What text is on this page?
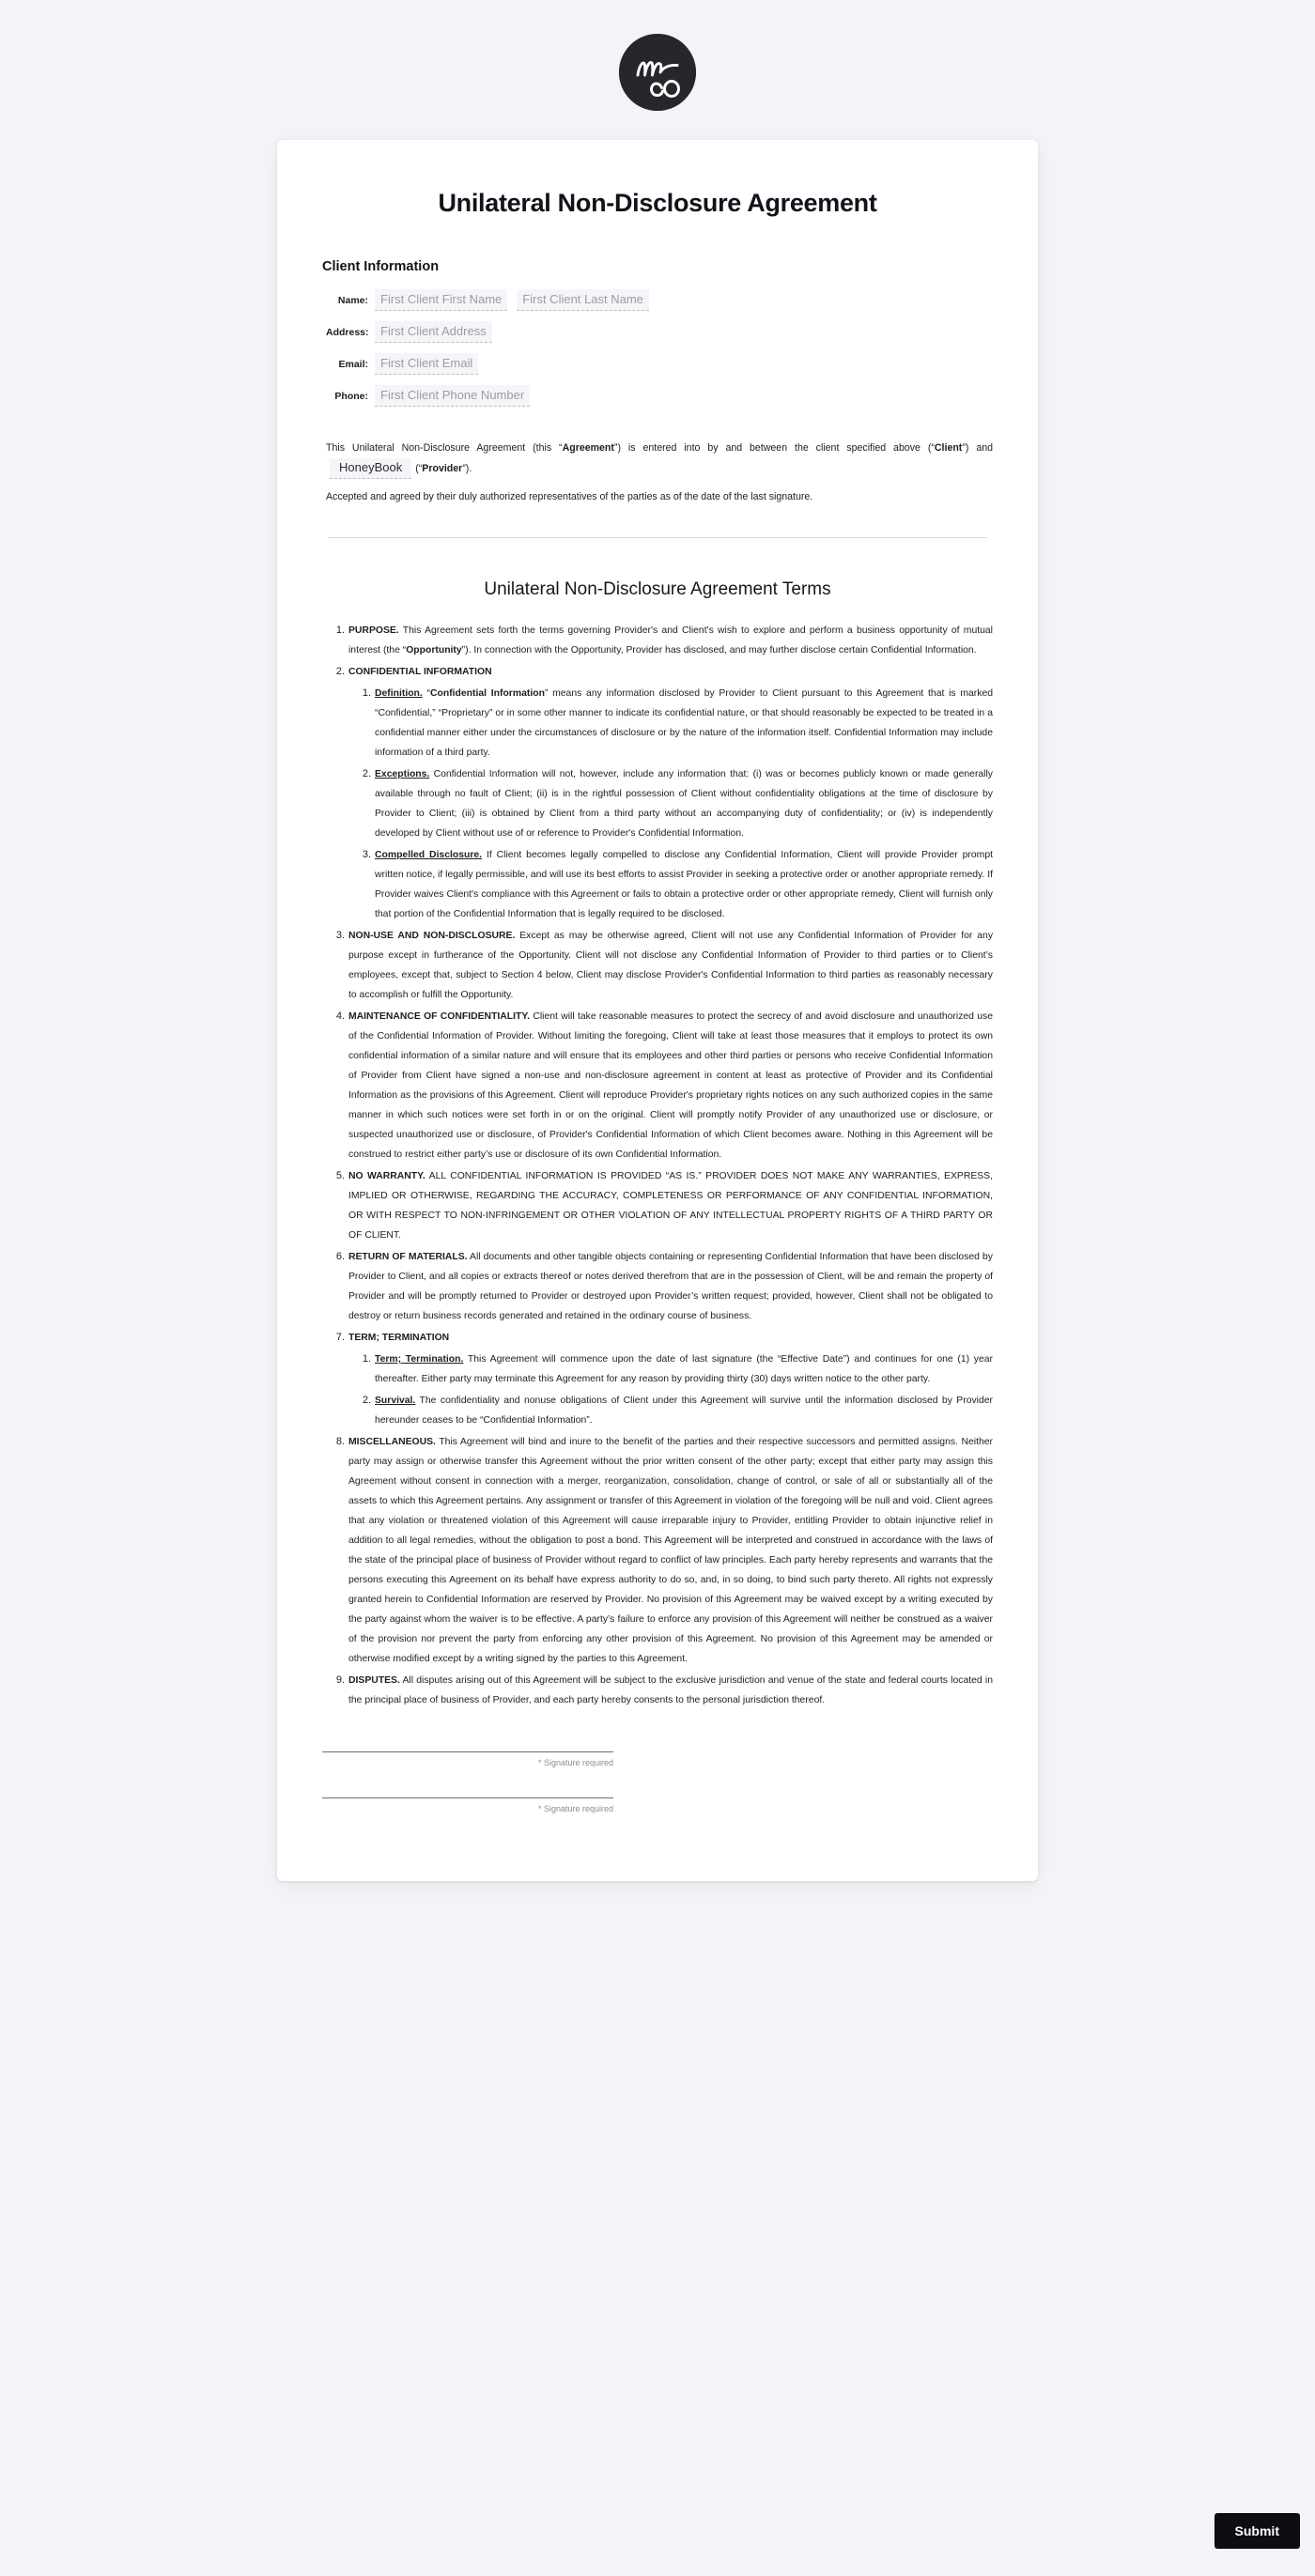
Unilateral Non-Disclosure Agreement
Client Information
Name:	First Client First Name	First Client Last Name
Address: First Client Address
Email:	First Client Email
Phone:	First Client Phone Number

This Unilateral Non-Disclosure Agreement (this “Agreement”) is entered into by and between the client specified above (“Client”) andHoneyBook (“Provider”).

Accepted and agreed by their duly authorized representatives of the parties as of the date of the last signature.

Unilateral Non-Disclosure Agreement Terms
PURPOSE. This Agreement sets forth the terms governing Provider's and Client's wish to explore and perform a business opportunity of mutual interest (the “Opportunity”). In connection with the Opportunity, Provider has disclosed, and may further disclose certain Confidential Information.
CONFIDENTIAL INFORMATION
Definition. “Confidential Information” means any information disclosed by Provider to Client pursuant to this Agreement that is marked “Confidential,” “Proprietary” or in some other manner to indicate its confidential nature, or that should reasonably be expected to be treated in a confidential manner either under the circumstances of disclosure or by the nature of the information itself. Confidential Information may include information of a third party.
Exceptions. Confidential Information will not, however, include any information that: (i) was or becomes publicly known or made generally available through no fault of Client; (ii) is in the rightful possession of Client without confidentiality obligations at the time of disclosure by Provider to Client; (iii) is obtained by Client from a third party without an accompanying duty of confidentiality; or (iv) is independently developed by Client without use of or reference to Provider's Confidential Information.
Compelled Disclosure. If Client becomes legally compelled to disclose any Confidential Information, Client will provide Provider prompt written notice, if legally permissible, and will use its best efforts to assist Provider in seeking a protective order or another appropriate remedy. If Provider waives Client's compliance with this Agreement or fails to obtain a protective order or other appropriate remedy, Client will furnish only that portion of the Confidential Information that is legally required to be disclosed.
NON-USE AND NON-DISCLOSURE. Except as may be otherwise agreed, Client will not use any Confidential Information of Provider for any purpose except in furtherance of the Opportunity. Client will not disclose any Confidential Information of Provider to third parties or to Client’s employees, except that, subject to Section 4 below, Client may disclose Provider's Confidential Information to third parties as reasonably necessary to accomplish or fulfill the Opportunity.
MAINTENANCE OF CONFIDENTIALITY. Client will take reasonable measures to protect the secrecy of and avoid disclosure and unauthorized use of the Confidential Information of Provider. Without limiting the foregoing, Client will take at least those measures that it employs to protect its own confidential information of a similar nature and will ensure that its employees and other third parties or persons who receive Confidential Information of Provider from Client have signed a non-use and non-disclosure agreement in content at least as protective of Provider and its Confidential Information as the provisions of this Agreement. Client will reproduce Provider's proprietary rights notices on any such authorized copies in the same manner in which such notices were set forth in or on the original. Client will promptly notify Provider of any unauthorized use or disclosure, or suspected unauthorized use or disclosure, of Provider's Confidential Information of which Client becomes aware. Nothing in this Agreement will be construed to restrict either party’s use or disclosure of its own Confidential Information.
NO WARRANTY. ALL CONFIDENTIAL INFORMATION IS PROVIDED “AS IS.” PROVIDER DOES NOT MAKE ANY WARRANTIES, EXPRESS, IMPLIED OR OTHERWISE, REGARDING THE ACCURACY, COMPLETENESS OR PERFORMANCE OF ANY CONFIDENTIAL INFORMATION, OR WITH RESPECT TO NON-INFRINGEMENT OR OTHER VIOLATION OF ANY INTELLECTUAL PROPERTY RIGHTS OF A THIRD PARTY OR OF CLIENT.
RETURN OF MATERIALS. All documents and other tangible objects containing or representing Confidential Information that have been disclosed by Provider to Client, and all copies or extracts thereof or notes derived therefrom that are in the possession of Client, will be and remain the property of Provider and will be promptly returned to Provider or destroyed upon Provider’s written request; provided, however, Client shall not be obligated to destroy or return business records generated and retained in the ordinary course of business.
TERM; TERMINATION
Term; Termination. This Agreement will commence upon the date of last signature (the “Effective Date”) and continues for one (1) year thereafter. Either party may terminate this Agreement for any reason by providing thirty (30) days written notice to the other party.
Survival. The confidentiality and nonuse obligations of Client under this Agreement will survive until the information disclosed by Provider hereunder ceases to be “Confidential Information”.
MISCELLANEOUS. This Agreement will bind and inure to the benefit of the parties and their respective successors and permitted assigns. Neither party may assign or otherwise transfer this Agreement without the prior written consent of the other party; except that either party may assign this Agreement without consent in connection with a merger, reorganization, consolidation, change of control, or sale of all or substantially all of the assets to which this Agreement pertains. Any assignment or transfer of this Agreement in violation of the foregoing will be null and void. Client agrees that any violation or threatened violation of this Agreement will cause irreparable injury to Provider, entitling Provider to obtain injunctive relief in addition to all legal remedies, without the obligation to post a bond. This Agreement will be interpreted and construed in accordance with the laws of the state of the principal place of business of Provider without regard to conflict of law principles. Each party hereby represents and warrants that the persons executing this Agreement on its behalf have express authority to do so, and, in so doing, to bind such party thereto. All rights not expressly granted herein to Confidential Information are reserved by Provider. No provision of this Agreement may be waived except by a writing executed by the party against whom the waiver is to be effective. A party’s failure to enforce any provision of this Agreement will neither be construed as a waiver of the provision nor prevent the party from enforcing any other provision of this Agreement. No provision of this Agreement may be amended or otherwise modified except by a writing signed by the parties to this Agreement.
DISPUTES. All disputes arising out of this Agreement will be subject to the exclusive jurisdiction and venue of the state and federal courts located in the principal place of business of Provider, and each party hereby consents to the personal jurisdiction thereof.
* Signature required
* Signature required
Submit
